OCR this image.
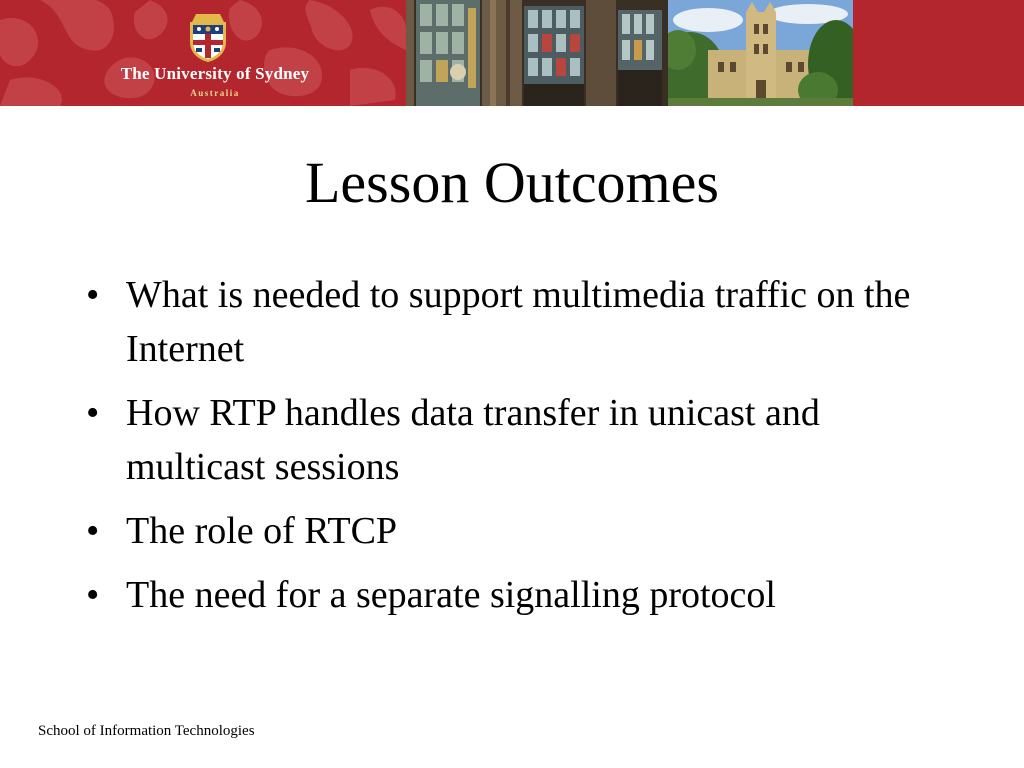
The University of Sydney
Australia
Lesson Outcomes
• What is needed to support multimedia traffic on the Internet
• How RTP handles data transfer in unicast and multicast sessions
• The role of RTCP
• The need for a separate signalling protocol
School of Information Technologies
